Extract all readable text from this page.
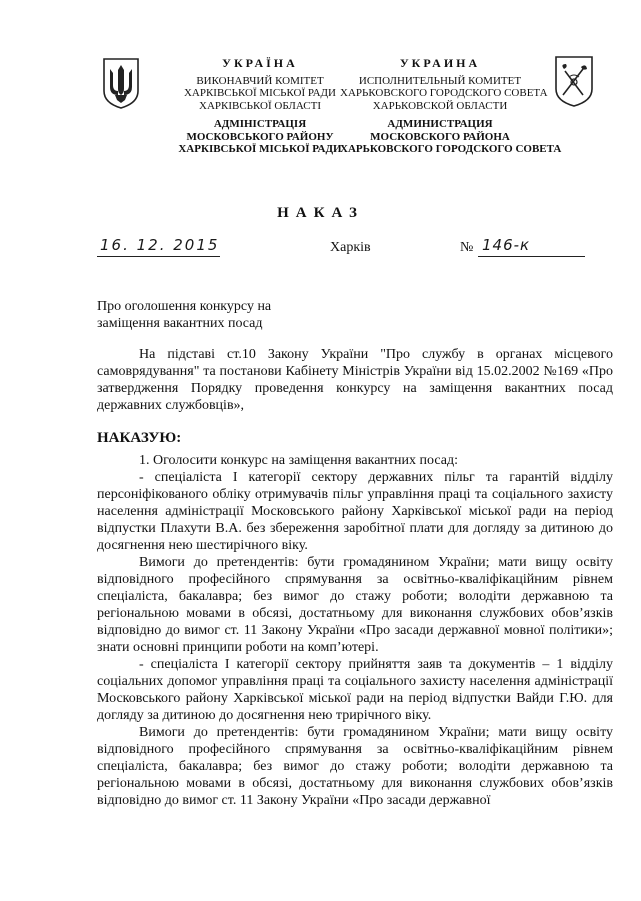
УКРАЇНА
ВИКОНАВЧИЙ КОМІТЕТ
ХАРКІВСЬКОЇ МІСЬКОЇ РАДИ
ХАРКІВСЬКОЇ ОБЛАСТІ
АДМІНІСТРАЦІЯ
МОСКОВСЬКОГО РАЙОНУ
ХАРКІВСЬКОЇ МІСЬКОЇ РАДИ
УКРАИНА
ИСПОЛНИТЕЛЬНЫЙ КОМИТЕТ
ХАРЬКОВСКОГО ГОРОДСКОГО СОВЕТА
ХАРЬКОВСКОЙ ОБЛАСТИ
АДМИНИСТРАЦИЯ
МОСКОВСКОГО РАЙОНА
ХАРЬКОВСКОГО ГОРОДСКОГО СОВЕТА
НАКАЗ
16. 12. 2015	Харків	№ 146-к
Про оголошення конкурсу на
заміщення вакантних посад

На підставі ст.10 Закону України "Про службу в органах місцевого самоврядування" та постанови Кабінету Міністрів України від 15.02.2002 №169 «Про затвердження Порядку проведення конкурсу на заміщення вакантних посад державних службовців»,

НАКАЗУЮ:

1. Оголосити конкурс на заміщення вакантних посад:

- спеціаліста І категорії сектору державних пільг та гарантій відділу персоніфікованого обліку отримувачів пільг управління праці та соціального захисту населення адміністрації Московського району Харківської міської ради на період відпустки Плахути В.А. без збереження заробітної плати для догляду за дитиною до досягнення нею шестирічного віку.

Вимоги до претендентів: бути громадянином України; мати вищу освіту відповідного професійного спрямування за освітньо-кваліфікаційним рівнем спеціаліста, бакалавра; без вимог до стажу роботи; володіти державною та регіональною мовами в обсязі, достатньому для виконання службових обов’язків відповідно до вимог ст. 11 Закону України «Про засади державної мовної політики»; знати основні принципи роботи на комп’ютері.

- спеціаліста І категорії сектору прийняття заяв та документів – 1 відділу соціальних допомог управління праці та соціального захисту населення адміністрації Московського району Харківської міської ради на період відпустки Вайди Г.Ю. для догляду за дитиною до досягнення нею трирічного віку.

Вимоги до претендентів: бути громадянином України; мати вищу освіту відповідного професійного спрямування за освітньо-кваліфікаційним рівнем спеціаліста, бакалавра; без вимог до стажу роботи; володіти державною та регіональною мовами в обсязі, достатньому для виконання службових обов’язків відповідно до вимог ст. 11 Закону України «Про засади державної
